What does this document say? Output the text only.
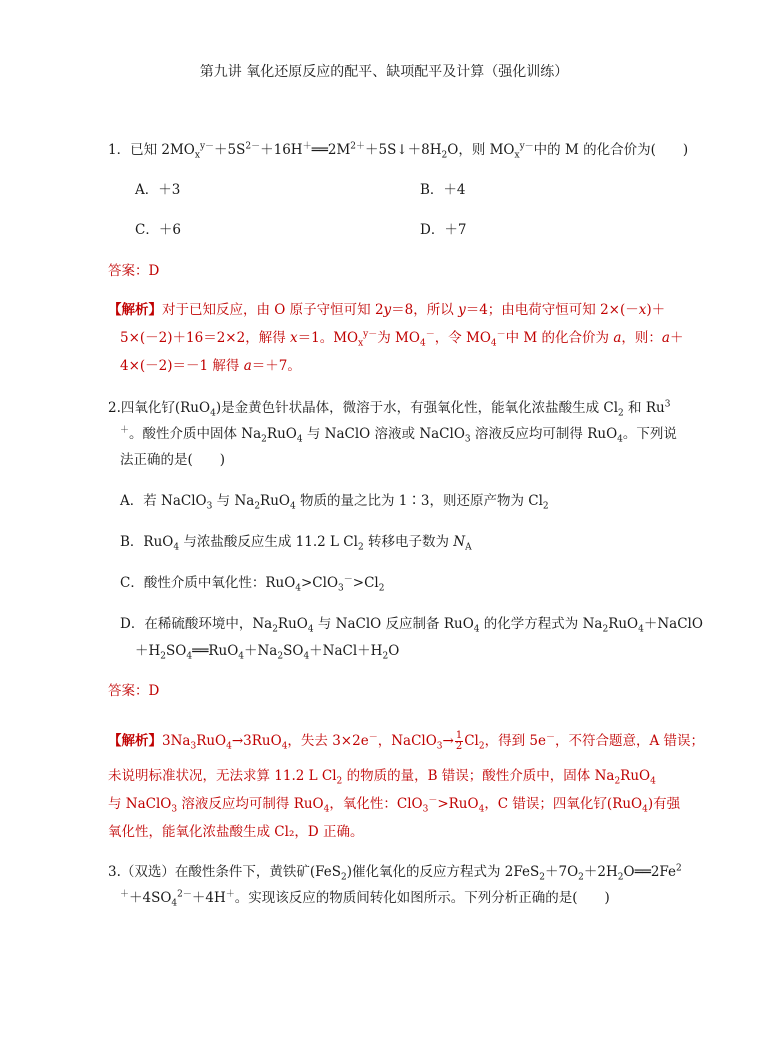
第九讲 氧化还原反应的配平、缺项配平及计算（强化训练）
1．已知 $2MO_x^{y-}+5S^{2-}+16H^+══2M^{2+}+5S↓+8H_2O$，则 $MO_x^{y-}$中的 M 的化合价为(　　)
A．＋3	B．＋4
C．＋6	D．＋7
答案：D
【解析】对于已知反应，由 O 原子守恒可知 2y＝8，所以 y＝4；由电荷守恒可知 2×(－x)＋
5×(－2)＋16＝2×2，解得 x＝1。$MO_x^{y-}$为 $MO_4^-$，令 $MO_4^-$中 M 的化合价为 a，则：a＋
4×(－2)＝－1 解得 a＝＋7。
2.四氧化钌(RuO$_4$)是金黄色针状晶体，微溶于水，有强氧化性，能氧化浓盐酸生成 $Cl_2$ 和 Ru$^3$
＋。酸性介质中固体 $Na_2RuO_4$ 与 NaClO 溶液或 NaClO$_3$ 溶液反应均可制得 RuO$_4$。下列说
法正确的是(　　)
A．若 NaClO$_3$ 与 $Na_2RuO_4$ 物质的量之比为 1∶3，则还原产物为 $Cl_2$
B．RuO$_4$ 与浓盐酸反应生成 11.2 L $Cl_2$ 转移电子数为 $N_A$
C．酸性介质中氧化性：$RuO_4>ClO_3^->Cl_2$
D．在稀硫酸环境中，$Na_2RuO_4$ 与 NaClO 反应制备 RuO$_4$ 的化学方程式为 $Na_2RuO_4+NaClO$
$+H_2SO_4══RuO_4+Na_2SO_4+NaCl+H_2O$
答案：D
【解析】$3Na_3RuO_4\to 3RuO_4$，失去 3×2e－，NaClO$_3$→ $\frac{1}{2} Cl_2$，得到 5e－，不符合题意，A 错误；
未说明标准状况，无法求算 11.2 L $Cl_2$ 的物质的量，B 错误；酸性介质中，固体 $Na_2RuO_4$
与 NaClO$_3$ 溶液反应均可制得 RuO$_4$，氧化性：ClO$_3$－>RuO$_4$，C 错误；四氧化钌(RuO$_4$)有强
氧化性，能氧化浓盐酸生成 Cl₂，D 正确。
3.（双选）在酸性条件下，黄铁矿(FeS$_2$)催化氧化的反应方程式为 $2FeS_2+7O_2+2H_2O══2Fe^2$
$^++4SO_4^{2-}+4H^+$。实现该反应的物质间转化如图所示。下列分析正确的是(　　)
